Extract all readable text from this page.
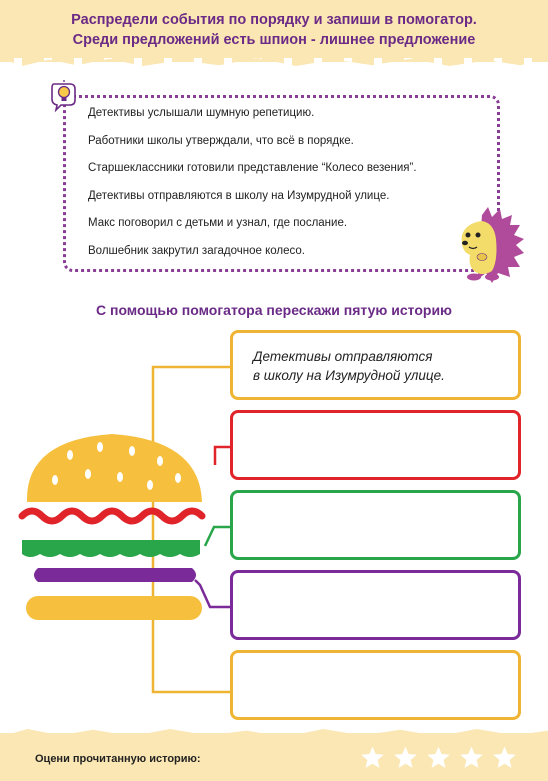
Распредели события по порядку и запиши в помогатор.
Среди предложений есть шпион - лишнее предложение
Детективы услышали шумную репетицию.
Работники школы утверждали, что всё в порядке.
Старшеклассники готовили представление “Колесо везения”.
Детективы отправляются в школу на Изумрудной улице.
Макс поговорил с детьми и узнал, где послание.
Волшебник закрутил загадочное колесо.
С помощью помогатора перескажи пятую историю
Детективы отправляются
в школу на Изумрудной улице.
Оцени прочитанную историю:
